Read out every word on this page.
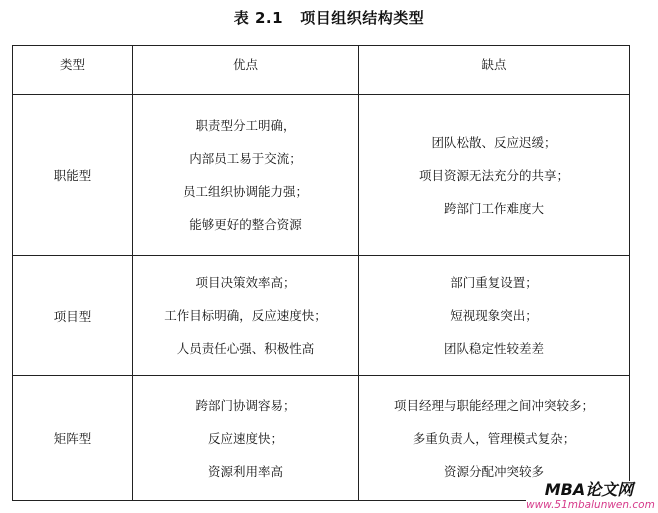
表 2.1   项目组织结构类型
类型	优点	缺点
职能型	职责型分工明确，
内部员工易于交流；
员工组织协调能力强；
能够更好的整合资源	团队松散、反应迟缓；
项目资源无法充分的共享；
跨部门工作难度大

项目型	项目决策效率高；
工作目标明确，反应速度快；
人员责任心强、积极性高	部门重复设置；
短视现象突出；
团队稳定性较差差

矩阵型	跨部门协调容易；
反应速度快；
资源利用率高	项目经理与职能经理之间冲突较多；
多重负责人，管理模式复杂；
资源分配冲突较多
MBA论文网
www.51mbalunwen.com
